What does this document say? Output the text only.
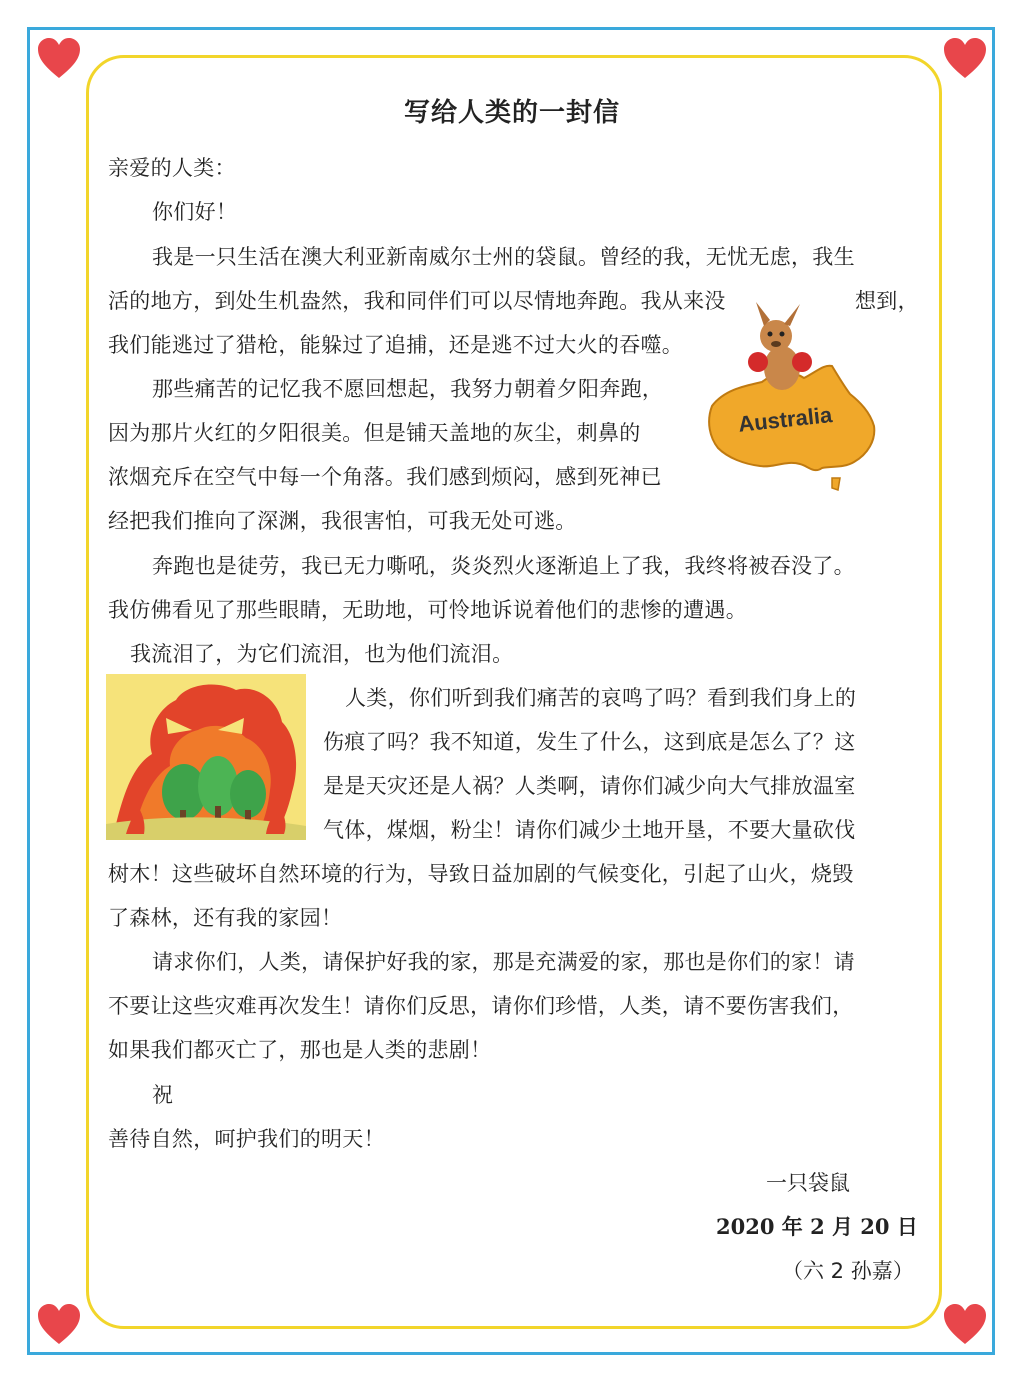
写给人类的一封信
亲爱的人类：
你们好！
我是一只生活在澳大利亚新南威尔士州的袋鼠。曾经的我，无忧无虑，我生
活的地方，到处生机盎然，我和同伴们可以尽情地奔跑。我从来没	想到，
我们能逃过了猎枪，能躲过了追捕，还是逃不过大火的吞噬。
那些痛苦的记忆我不愿回想起，我努力朝着夕阳奔跑，
因为那片火红的夕阳很美。但是铺天盖地的灰尘，刺鼻的
浓烟充斥在空气中每一个角落。我们感到烦闷，感到死神已
经把我们推向了深渊，我很害怕，可我无处可逃。
奔跑也是徒劳，我已无力嘶吼，炎炎烈火逐渐追上了我，我终将被吞没了。
我仿佛看见了那些眼睛，无助地，可怜地诉说着他们的悲惨的遭遇。
我流泪了，为它们流泪，也为他们流泪。
人类，你们听到我们痛苦的哀鸣了吗？看到我们身上的
伤痕了吗？我不知道，发生了什么，这到底是怎么了？这
是是天灾还是人祸？人类啊，请你们减少向大气排放温室
气体，煤烟，粉尘！请你们减少土地开垦，不要大量砍伐
树木！这些破坏自然环境的行为，导致日益加剧的气候变化，引起了山火，烧毁
了森林，还有我的家园！
请求你们，人类，请保护好我的家，那是充满爱的家，那也是你们的家！请
不要让这些灾难再次发生！请你们反思，请你们珍惜，人类，请不要伤害我们，
如果我们都灭亡了，那也是人类的悲剧！
祝
善待自然，呵护我们的明天！
一只袋鼠
2020 年 2 月 20 日
（六 2 孙嘉）
Australia
